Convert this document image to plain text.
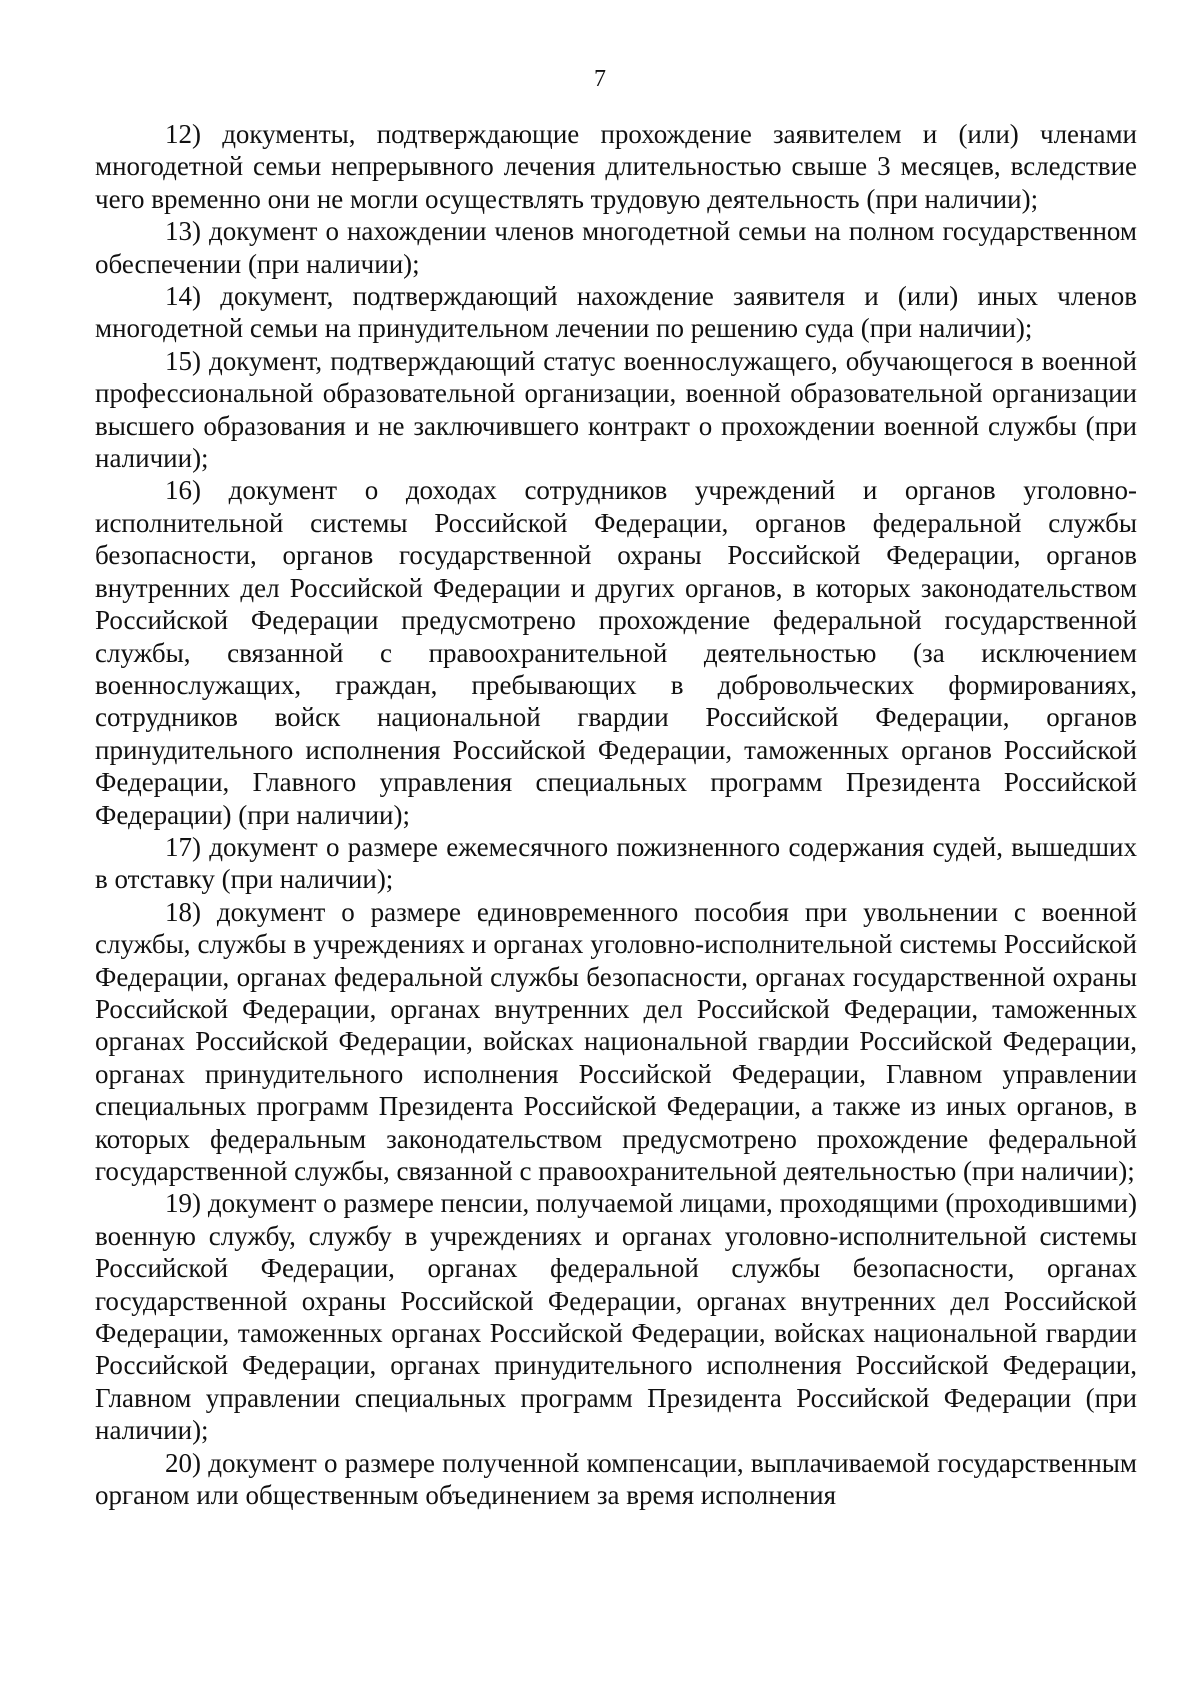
7

12) документы, подтверждающие прохождение заявителем и (или) членами многодетной семьи непрерывного лечения длительностью свыше 3 месяцев, вследствие чего временно они не могли осуществлять трудовую деятельность (при наличии);

13) документ о нахождении членов многодетной семьи на полном государственном обеспечении (при наличии);

14) документ, подтверждающий нахождение заявителя и (или) иных членов многодетной семьи на принудительном лечении по решению суда (при наличии);

15) документ, подтверждающий статус военнослужащего, обучающегося в военной профессиональной образовательной организации, военной образовательной организации высшего образования и не заключившего контракт о прохождении военной службы (при наличии);

16) документ о доходах сотрудников учреждений и органов уголовно-исполнительной системы Российской Федерации, органов федеральной службы безопасности, органов государственной охраны Российской Федерации, органов внутренних дел Российской Федерации и других органов, в которых законодательством Российской Федерации предусмотрено прохождение федеральной государственной службы, связанной с правоохранительной деятельностью (за исключением военнослужащих, граждан, пребывающих в добровольческих формированиях, сотрудников войск национальной гвардии Российской Федерации, органов принудительного исполнения Российской Федерации, таможенных органов Российской Федерации, Главного управления специальных программ Президента Российской Федерации) (при наличии);

17) документ о размере ежемесячного пожизненного содержания судей, вышедших в отставку (при наличии);

18) документ о размере единовременного пособия при увольнении с военной службы, службы в учреждениях и органах уголовно-исполнительной системы Российской Федерации, органах федеральной службы безопасности, органах государственной охраны Российской Федерации, органах внутренних дел Российской Федерации, таможенных органах Российской Федерации, войсках национальной гвардии Российской Федерации, органах принудительного исполнения Российской Федерации, Главном управлении специальных программ Президента Российской Федерации, а также из иных органов, в которых федеральным законодательством предусмотрено прохождение федеральной государственной службы, связанной с правоохранительной деятельностью (при наличии);

19) документ о размере пенсии, получаемой лицами, проходящими (проходившими) военную службу, службу в учреждениях и органах уголовно-исполнительной системы Российской Федерации, органах федеральной службы безопасности, органах государственной охраны Российской Федерации, органах внутренних дел Российской Федерации, таможенных органах Российской Федерации, войсках национальной гвардии Российской Федерации, органах принудительного исполнения Российской Федерации, Главном управлении специальных программ Президента Российской Федерации (при наличии);

20) документ о размере полученной компенсации, выплачиваемой государственным органом или общественным объединением за время исполнения
